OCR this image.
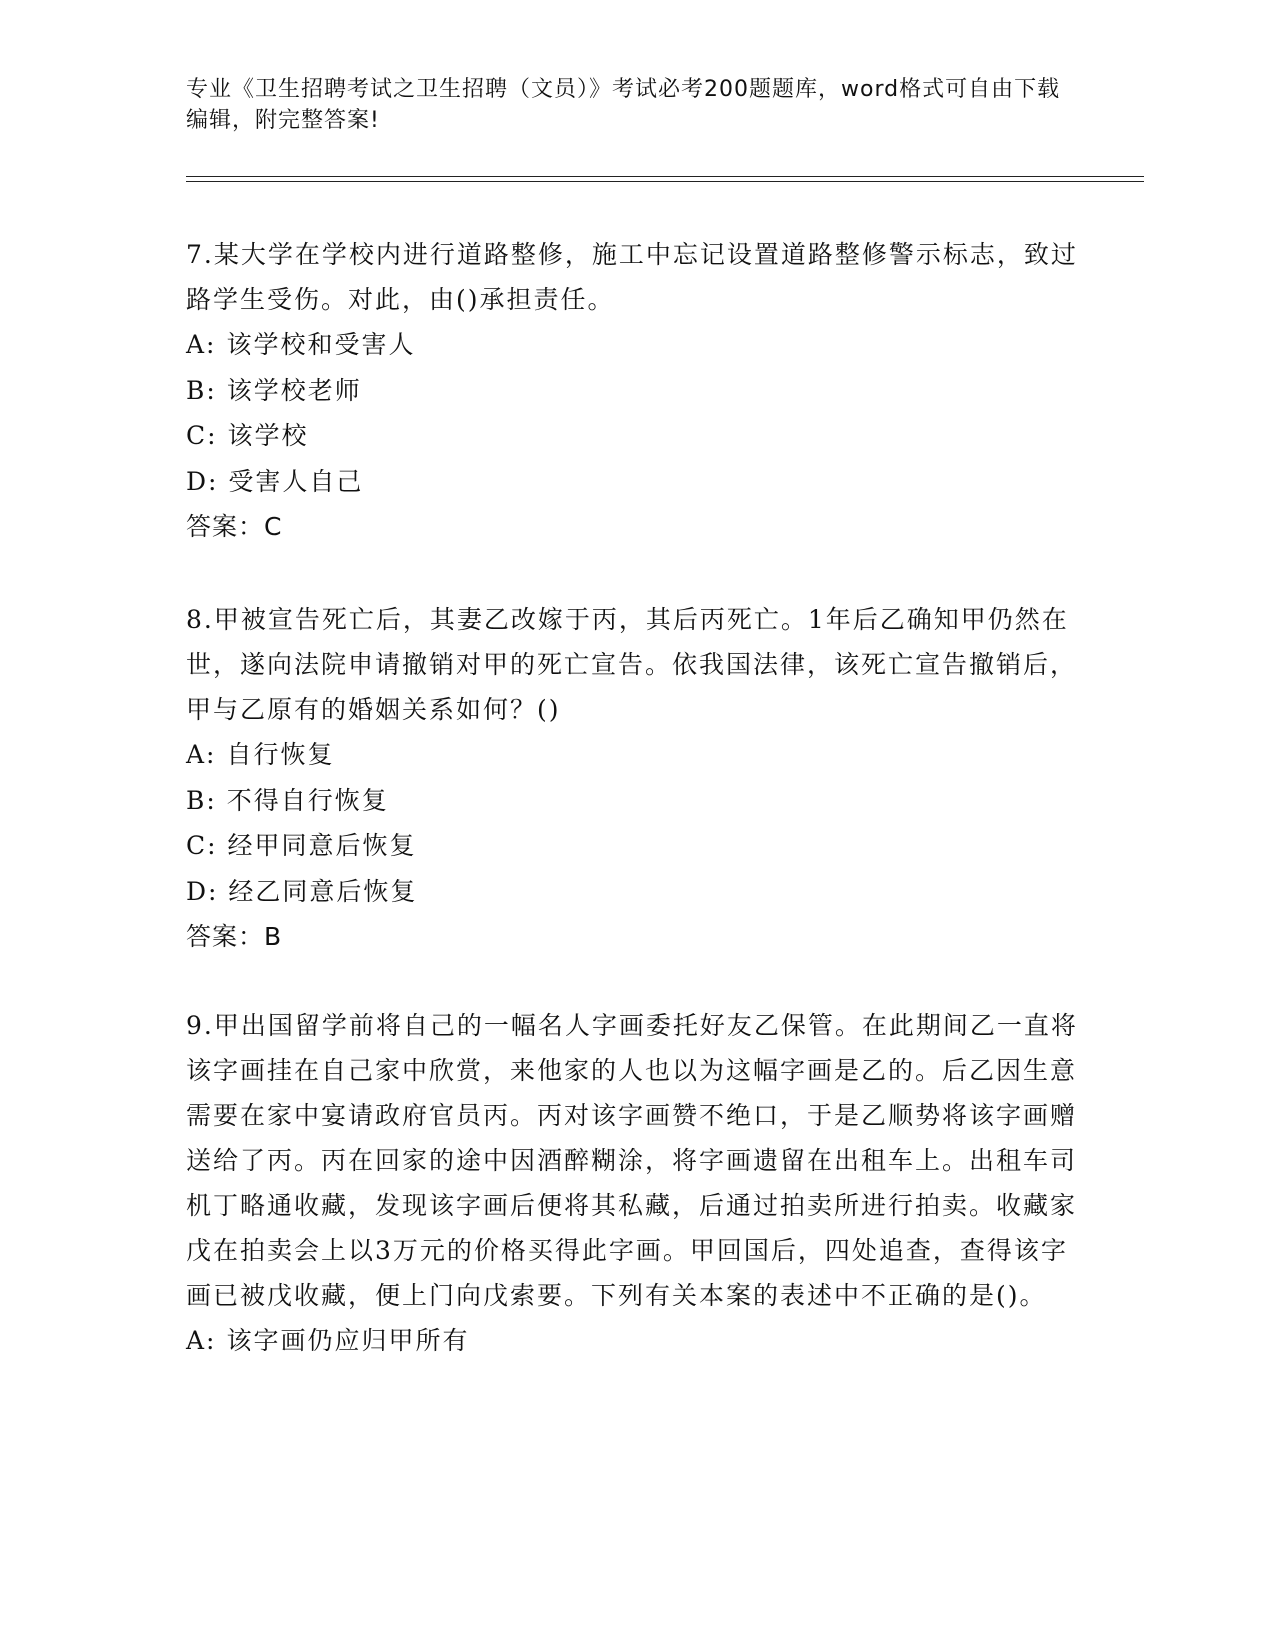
专业《卫生招聘考试之卫生招聘（文员）》考试必考200题题库，word格式可自由下载编辑，附完整答案!
7.某大学在学校内进行道路整修，施工中忘记设置道路整修警示标志，致过路学生受伤。对此，由()承担责任。
A: 该学校和受害人
B: 该学校老师
C: 该学校
D: 受害人自己
答案：C
8.甲被宣告死亡后，其妻乙改嫁于丙，其后丙死亡。1年后乙确知甲仍然在世，遂向法院申请撤销对甲的死亡宣告。依我国法律，该死亡宣告撤销后，甲与乙原有的婚姻关系如何？()
A: 自行恢复
B: 不得自行恢复
C: 经甲同意后恢复
D: 经乙同意后恢复
答案：B
9.甲出国留学前将自己的一幅名人字画委托好友乙保管。在此期间乙一直将该字画挂在自己家中欣赏，来他家的人也以为这幅字画是乙的。后乙因生意需要在家中宴请政府官员丙。丙对该字画赞不绝口，于是乙顺势将该字画赠送给了丙。丙在回家的途中因酒醉糊涂，将字画遗留在出租车上。出租车司机丁略通收藏，发现该字画后便将其私藏，后通过拍卖所进行拍卖。收藏家戊在拍卖会上以3万元的价格买得此字画。甲回国后，四处追查，查得该字画已被戊收藏，便上门向戊索要。下列有关本案的表述中不正确的是()。
A: 该字画仍应归甲所有
